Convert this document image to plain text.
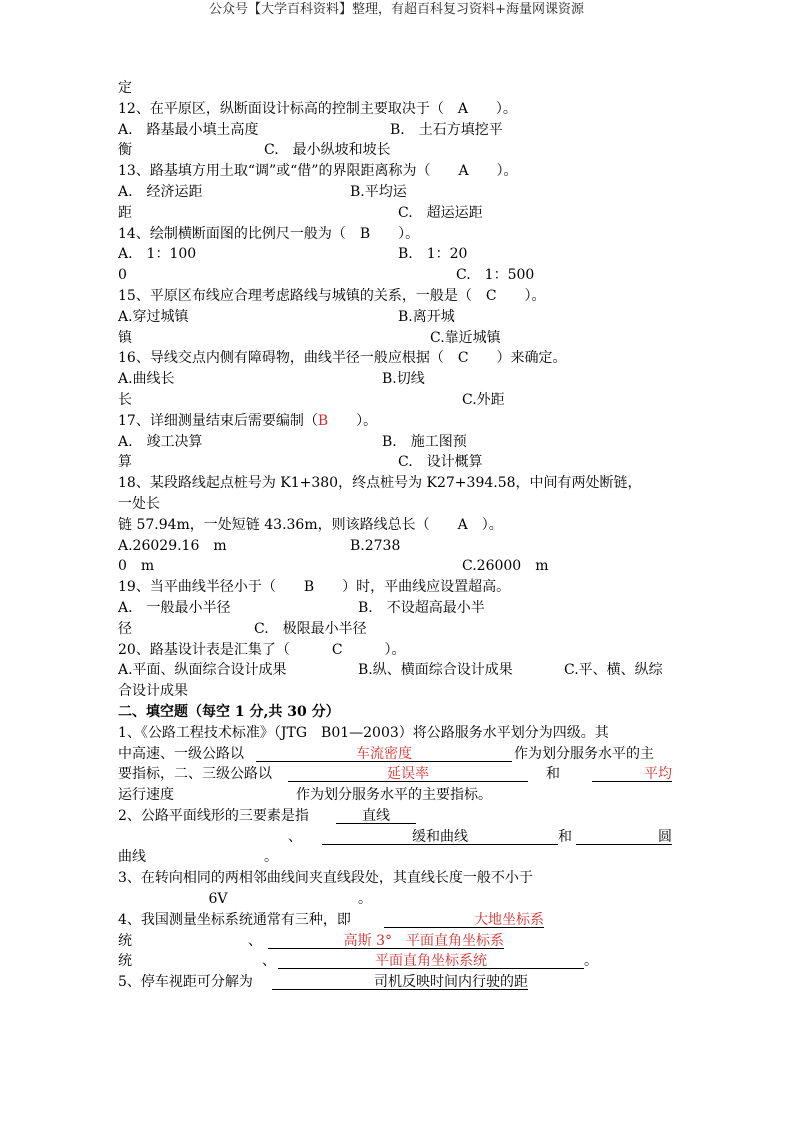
公众号【大学百科资料】整理，有超百科复习资料+海量网课资源
定
12、在平原区，纵断面设计标高的控制主要取决于（　A　　）。
A.　路基最小填土高度	B.　土石方填挖平
衡	C.　最小纵坡和坡长
13、路基填方用土取“调”或“借”的界限距离称为（　　A　　）。
A.　经济运距	B.平均运
距	C.　超运运距
14、绘制横断面图的比例尺一般为（　B　　）。
A.　1：100	B.　1：20
0	C.　1：500
15、平原区布线应合理考虑路线与城镇的关系，一般是（　C　　）。
A.穿过城镇	B.离开城
镇	C.靠近城镇
16、导线交点内侧有障碍物，曲线半径一般应根据（　C　　）来确定。
A.曲线长	B.切线
长	C.外距
17、详细测量结束后需要编制（B　　）。
A.　竣工决算	B.　施工图预
算	C.　设计概算
18、某段路线起点桩号为 K1+380，终点桩号为 K27+394.58，中间有两处断链，
一处长
链 57.94m，一处短链 43.36m，则该路线总长（　　A　）。
A.26029.16　m	B.2738
0　m	C.26000　m
19、当平曲线半径小于（　　B　　）时，平曲线应设置超高。
A.　一般最小半径	B.　不设超高最小半
径	C.　极限最小半径
20、路基设计表是汇集了（　　　C　　　）。
A.平面、纵面综合设计成果	B.纵、横面综合设计成果	C.平、横、纵综
合设计成果
二、填空题（每空 1 分,共 30 分）
1、《公路工程技术标准》（JTG　B01—2003）将公路服务水平划分为四级。其
中高速、一级公路以	车流密度	作为划分服务水平的主
要指标，二、三级公路以	延误率	和	平均
运行速度	作为划分服务水平的主要指标。
2、公路平面线形的三要素是指	直线
、	缓和曲线	和	圆
曲线	。
3、在转向相同的两相邻曲线间夹直线段处，其直线长度一般不小于
6V	。
4、我国测量坐标系统通常有三种，即	大地坐标系
统	、	高斯 3°　平面直角坐标系
统	、	平面直角坐标系统	。
5、停车视距可分解为	司机反映时间内行驶的距
